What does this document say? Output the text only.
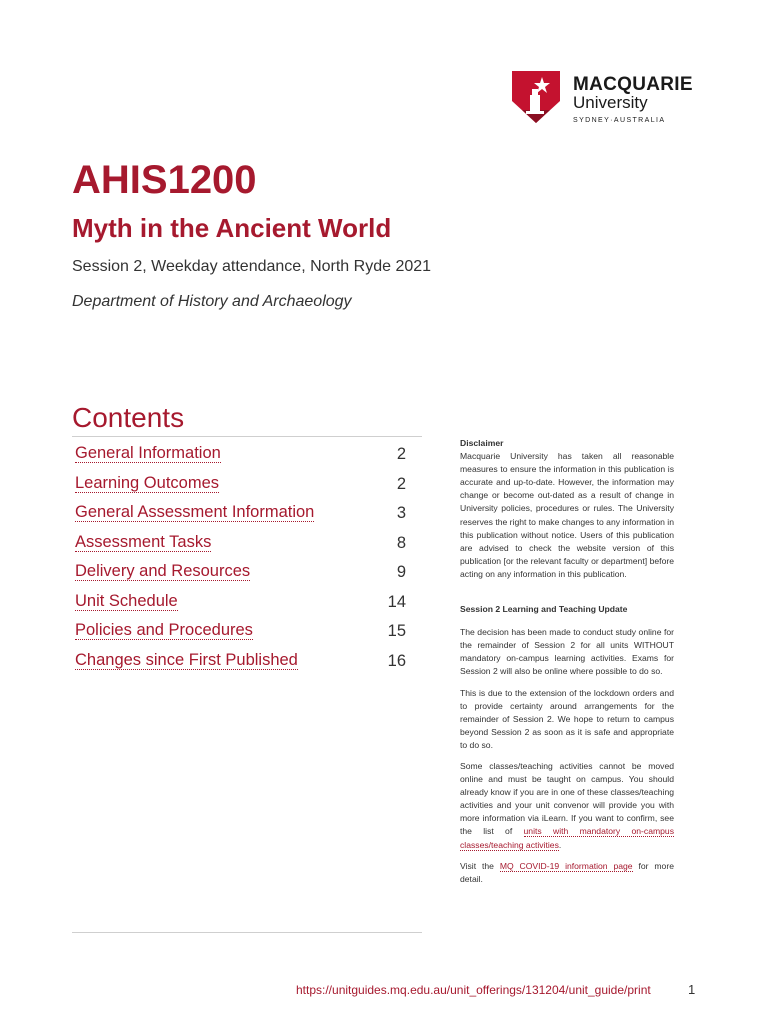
MACQUARIE
University
SYDNEY·AUSTRALIA
AHIS1200
Myth in the Ancient World
Session 2, Weekday attendance, North Ryde 2021
Department of History and Archaeology
Contents
General Information	2
Learning Outcomes	2
General Assessment Information	3
Assessment Tasks	8
Delivery and Resources	9
Unit Schedule	14
Policies and Procedures	15
Changes since First Published	16
Disclaimer

Macquarie University has taken all reasonable measures to ensure the information in this publication is accurate and up-to-date. However, the information may change or become out-dated as a result of change in University policies, procedures or rules. The University reserves the right to make changes to any information in this publication without notice. Users of this publication are advised to check the website version of this publication [or the relevant faculty or department] before acting on any information in this publication.

Session 2 Learning and Teaching Update

The decision has been made to conduct study online for the remainder of Session 2 for all units WITHOUT mandatory on-campus learning activities. Exams for Session 2 will also be online where possible to do so.

This is due to the extension of the lockdown orders and to provide certainty around arrangements for the remainder of Session 2. We hope to return to campus beyond Session 2 as soon as it is safe and appropriate to do so.

Some classes/teaching activities cannot be moved online and must be taught on campus. You should already know if you are in one of these classes/teaching activities and your unit convenor will provide you with more information via iLearn. If you want to confirm, see the list of units with mandatory on-campus classes/teaching activities.

Visit the MQ COVID-19 information page for more detail.

https://unitguides.mq.edu.au/unit_offerings/131204/unit_guide/print	1
